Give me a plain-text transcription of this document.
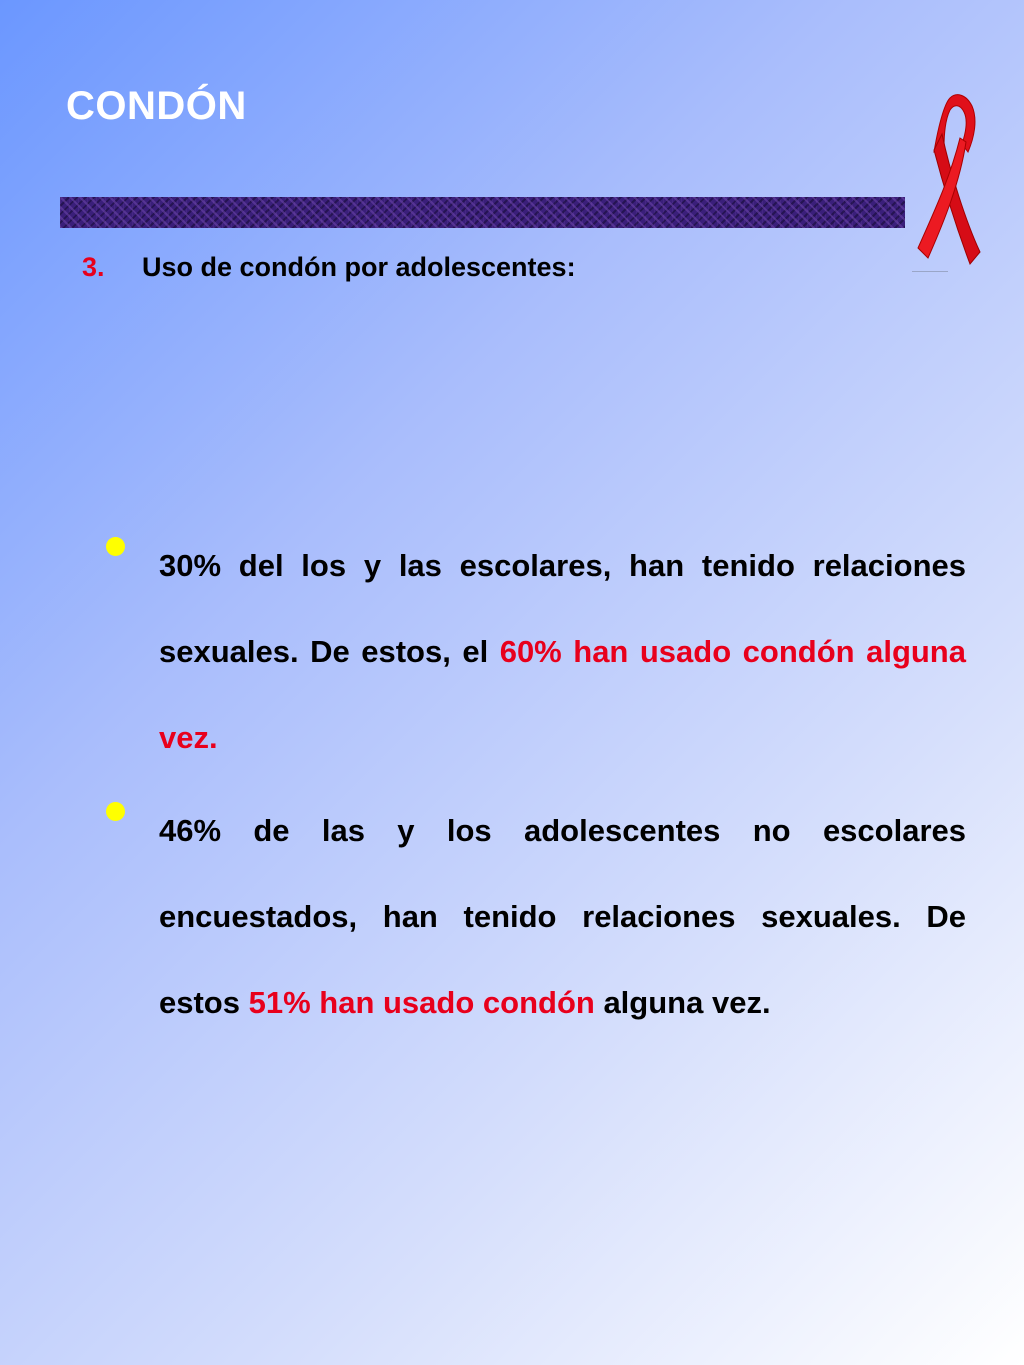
CONDÓN
3. Uso de condón por adolescentes:

30% del los y las escolares, han tenido relaciones sexuales. De estos, el 60% han usado condón alguna vez.

46% de las y los adolescentes no escolares encuestados, han tenido relaciones sexuales. De estos 51% han usado condón alguna vez.
